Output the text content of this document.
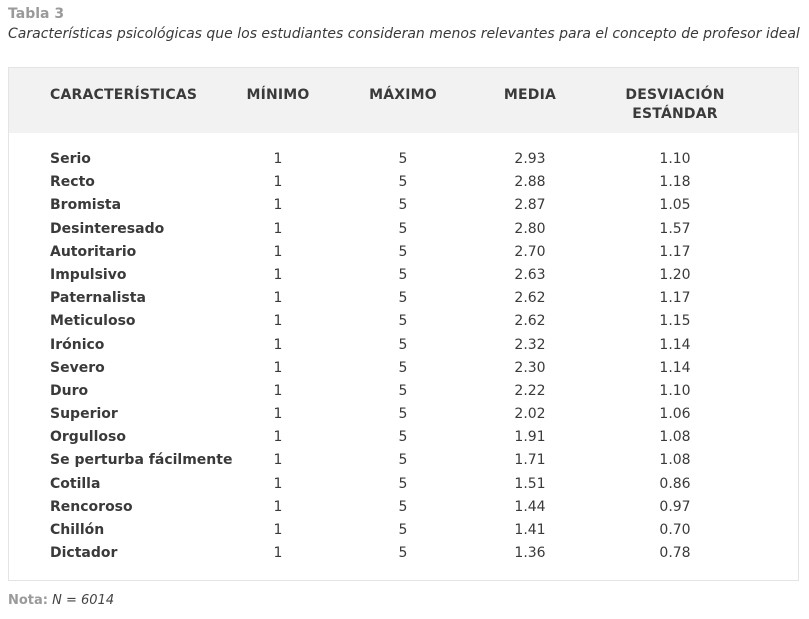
Tabla 3
Características psicológicas que los estudiantes consideran menos relevantes para el concepto de profesor ideal
CARACTERÍSTICAS	MÍNIMO	MÁXIMO	MEDIA	DESVIACIÓN
ESTÁNDAR
Serio	1	5	2.93	1.10
Recto	1	5	2.88	1.18
Bromista	1	5	2.87	1.05
Desinteresado	1	5	2.80	1.57
Autoritario	1	5	2.70	1.17
Impulsivo	1	5	2.63	1.20
Paternalista	1	5	2.62	1.17
Meticuloso	1	5	2.62	1.15
Irónico	1	5	2.32	1.14
Severo	1	5	2.30	1.14
Duro	1	5	2.22	1.10
Superior	1	5	2.02	1.06
Orgulloso	1	5	1.91	1.08
Se perturba fácilmente	1	5	1.71	1.08
Cotilla	1	5	1.51	0.86
Rencoroso	1	5	1.44	0.97
Chillón	1	5	1.41	0.70
Dictador	1	5	1.36	0.78
Nota: N = 6014
